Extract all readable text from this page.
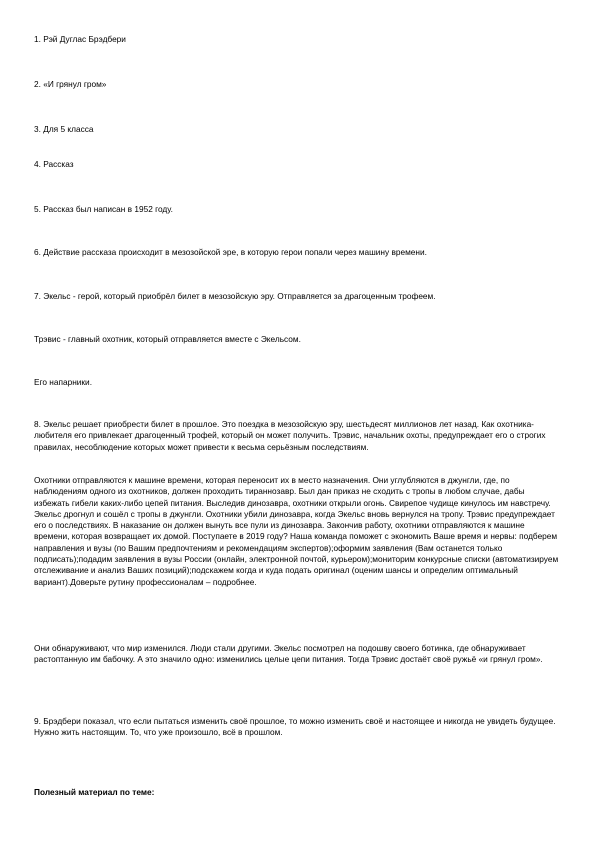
1. Рэй Дуглас Брэдбери

2. «И грянул гром»

3. Для 5 класса

4. Рассказ

5. Рассказ был написан в 1952 году.

6. Действие рассказа происходит в мезозойской эре, в которую герои попали через машину времени.

7. Экельс - герой, который приобрёл билет в мезозойскую эру. Отправляется за драгоценным трофеем.

Трэвис - главный охотник, который отправляется вместе с Экельсом.

Его напарники.

8. Экельс решает приобрести билет в прошлое. Это поездка в мезозойскую эру, шестьдесят миллионов лет назад. Как охотника-любителя его привлекает драгоценный трофей, который он может получить. Трэвис, начальник охоты, предупреждает его о строгих правилах, несоблюдение которых может привести к весьма серьёзным последствиям.

Охотники отправляются к машине времени, которая переносит их в место назначения. Они углубляются в джунгли, где, по наблюдениям одного из охотников, должен проходить тираннозавр. Был дан приказ не сходить с тропы в любом случае, дабы избежать гибели каких-либо цепей питания. Выследив динозавра, охотники открыли огонь. Свирепое чудище кинулось им навстречу. Экельс дрогнул и сошёл с тропы в джунгли. Охотники убили динозавра, когда Экельс вновь вернулся на тропу. Трэвис предупреждает его о последствиях. В наказание он должен вынуть все пули из динозавра. Закончив работу, охотники отправляются к машине времени, которая возвращает их домой. Поступаете в 2019 году? Наша команда поможет с экономить Ваше время и нервы: подберем направления и вузы (по Вашим предпочтениям и рекомендациям экспертов);оформим заявления (Вам останется только подписать);подадим заявления в вузы России (онлайн, электронной почтой, курьером);мониторим конкурсные списки (автоматизируем отслеживание и анализ Ваших позиций);подскажем когда и куда подать оригинал (оценим шансы и определим оптимальный вариант).Доверьте рутину профессионалам – подробнее.

Они обнаруживают, что мир изменился. Люди стали другими. Экельс посмотрел на подошву своего ботинка, где обнаруживает растоптанную им бабочку. А это значило одно: изменились целые цепи питания. Тогда Трэвис достаёт своё ружьё «и грянул гром».

9. Брэдбери показал, что если пытаться изменить своё прошлое, то можно изменить своё и настоящее и никогда не увидеть будущее. Нужно жить настоящим. То, что уже произошло, всё в прошлом.

Полезный материал по теме:
